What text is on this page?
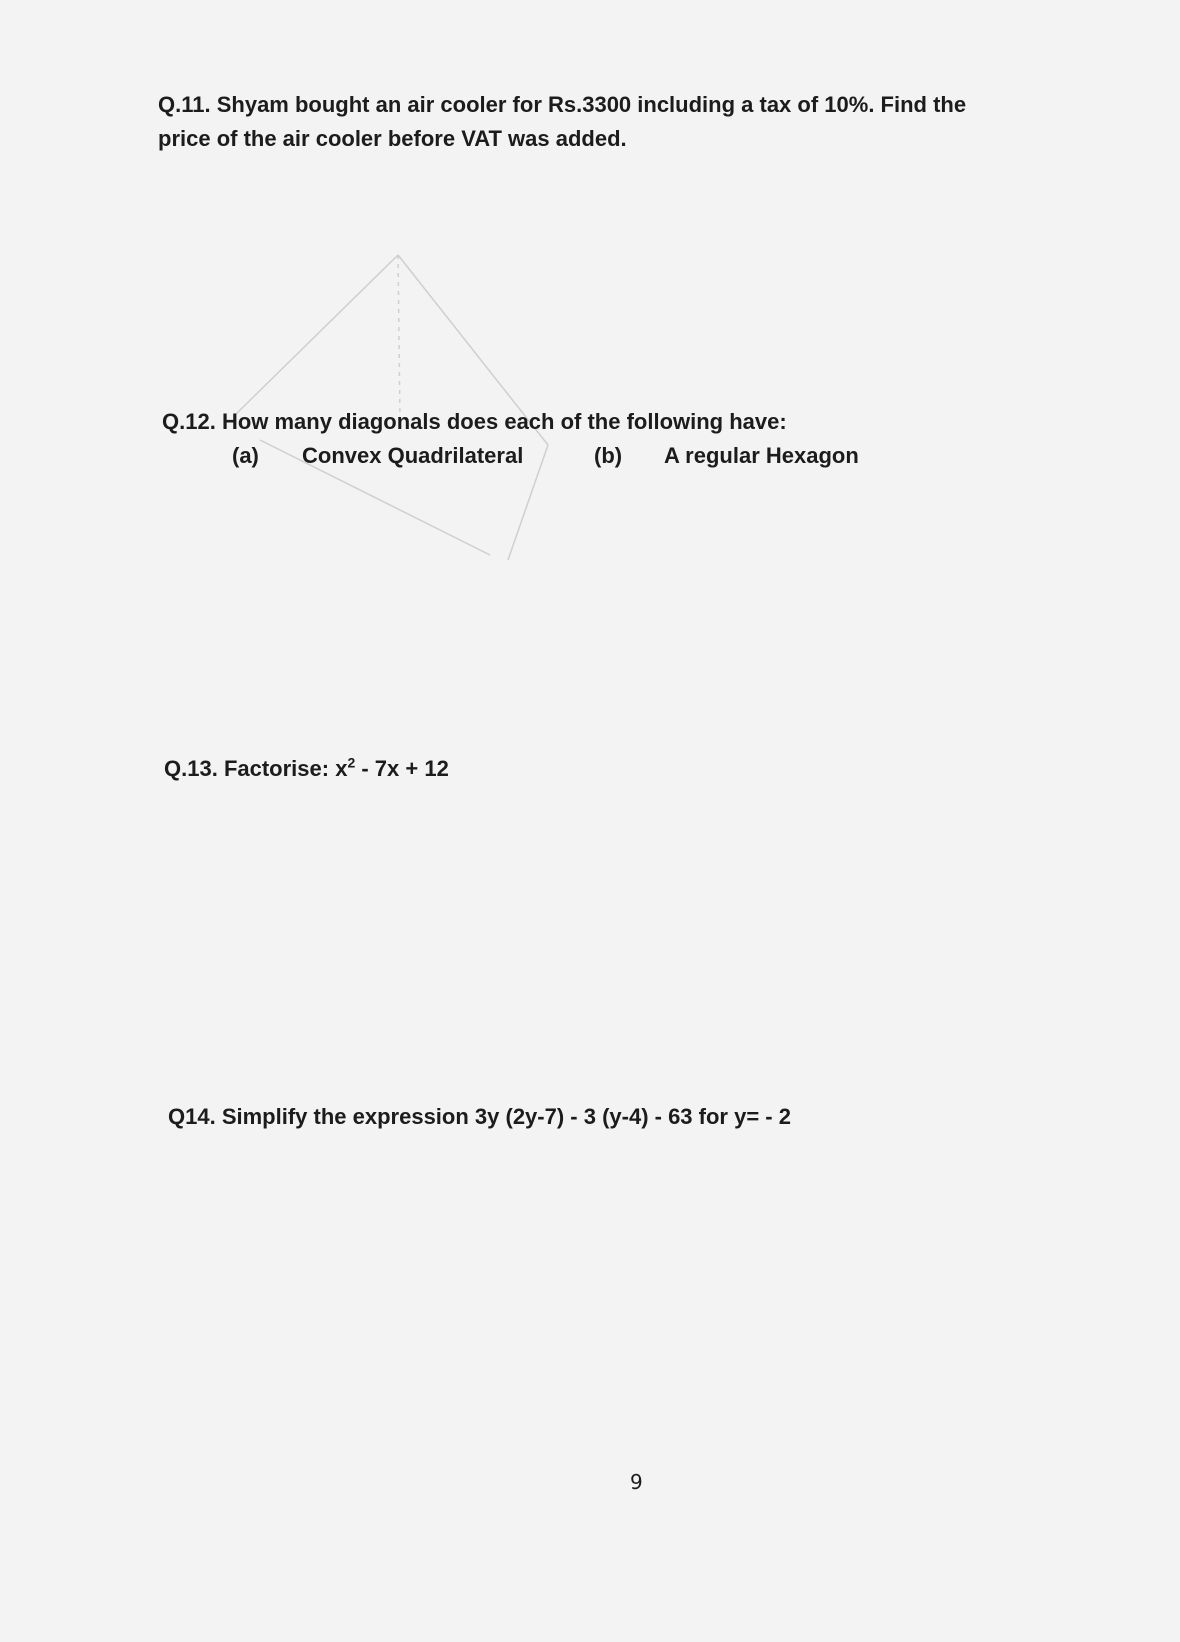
Q.11. Shyam bought an air cooler for Rs.3300 including a tax of 10%. Find the
price of the air cooler before VAT was added.
Q.12. How many diagonals does each of the following have:
(a) Convex Quadrilateral	(b) A regular Hexagon
Q.13. Factorise: $x^2 - 7x + 12$
Q14. Simplify the expression 3y (2y-7) - 3 (y-4) - 63 for y= - 2
9
